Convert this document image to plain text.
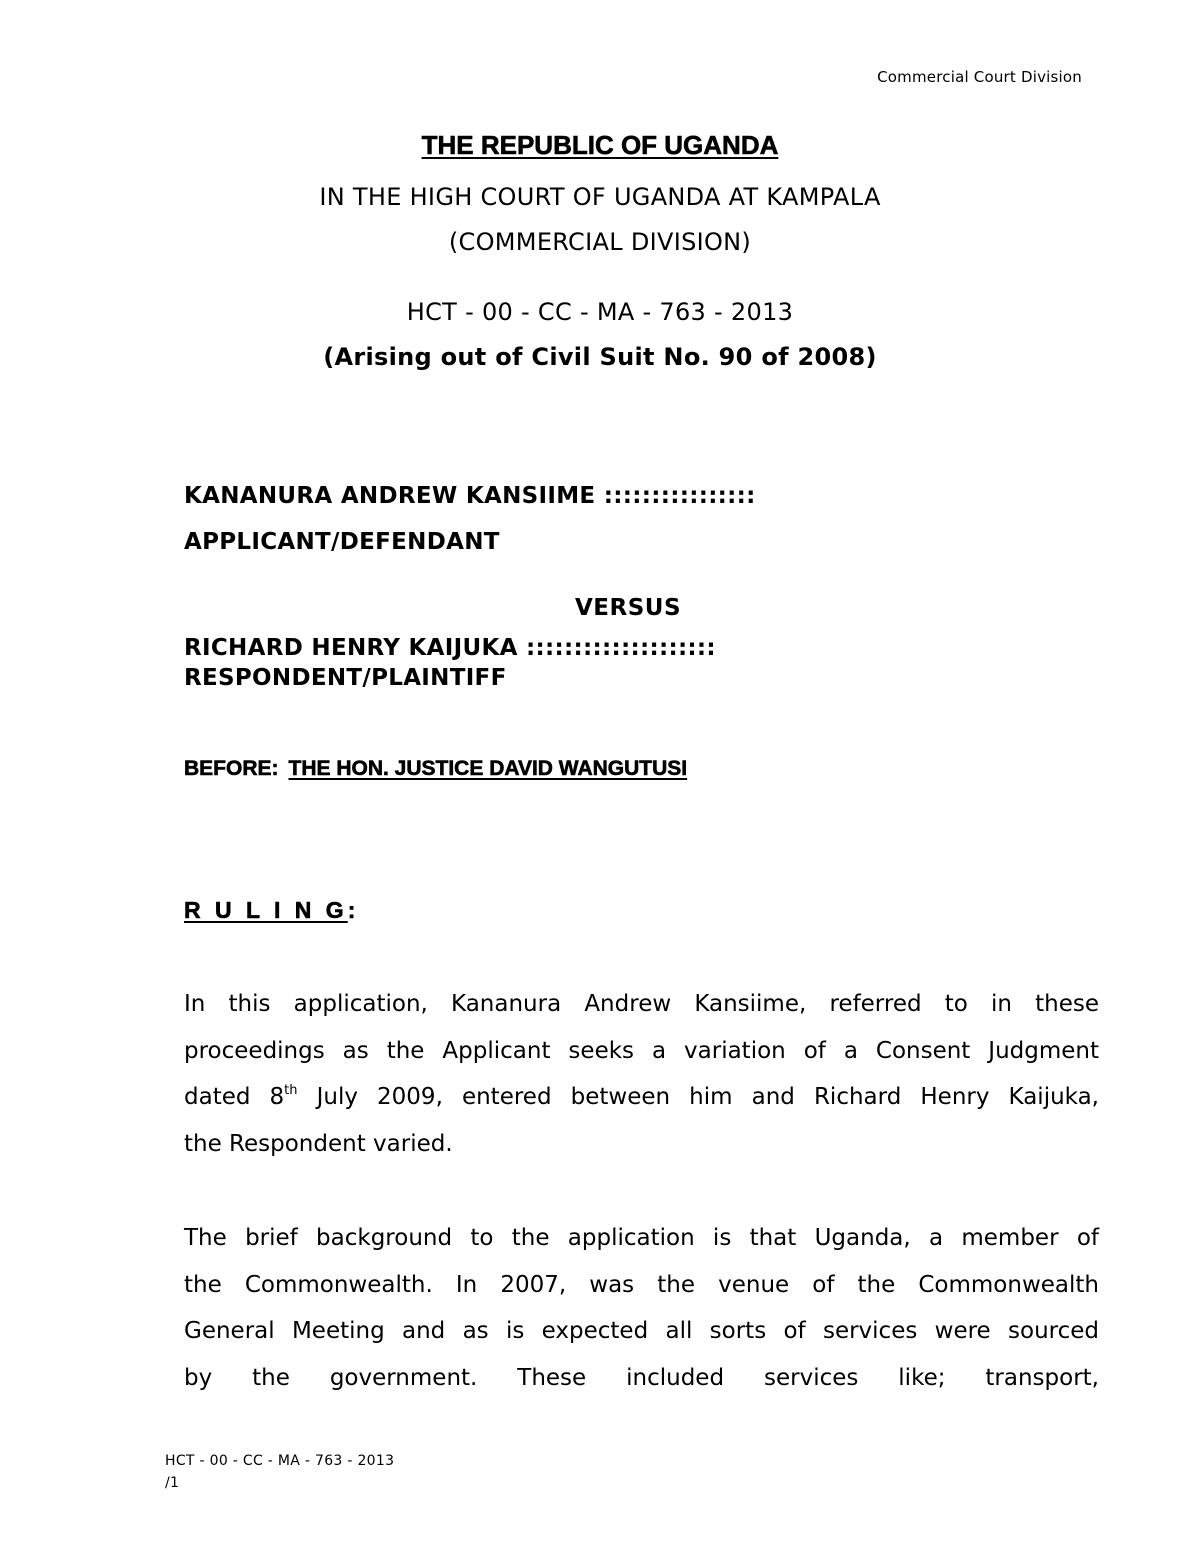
Commercial Court Division
THE REPUBLIC OF UGANDA
IN THE HIGH COURT OF UGANDA AT KAMPALA
(COMMERCIAL DIVISION)
HCT - 00 - CC - MA - 763 - 2013
(Arising out of Civil Suit No. 90 of 2008)
KANANURA ANDREW KANSIIME ::::::::::::::::
APPLICANT/DEFENDANT
VERSUS
RICHARD HENRY KAIJUKA ::::::::::::::::::::
RESPONDENT/PLAINTIFF
BEFORE: THE HON. JUSTICE DAVID WANGUTUSI
R U L I N G:
In this application, Kananura Andrew Kansiime, referred to in these
proceedings as the Applicant seeks a variation of a Consent Judgment
dated 8th July 2009, entered between him and Richard Henry Kaijuka,
the Respondent varied.
The brief background to the application is that Uganda, a member of
the Commonwealth. In 2007, was the venue of the Commonwealth
General Meeting and as is expected all sorts of services were sourced
by the government. These included services like; transport,
HCT - 00 - CC - MA - 763 - 2013
/1
